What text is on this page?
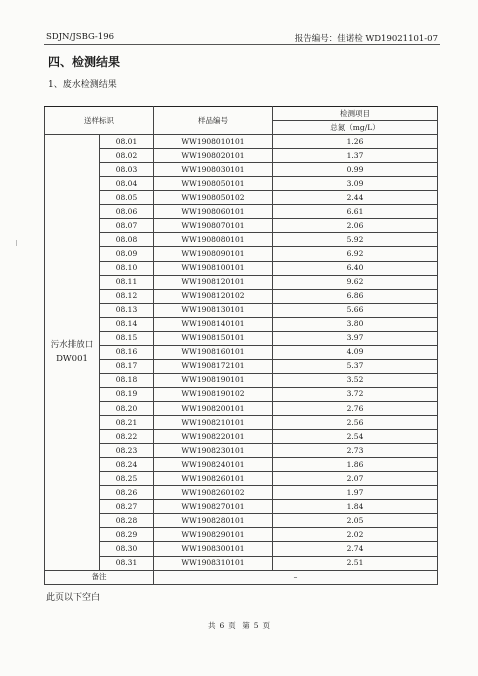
SDJN/JSBG-196	报告编号：佳诺检 WD19021101-07
四、检测结果
1、废水检测结果
送样标识		样品编号	检测项目
			总氮（mg/L）

污水排放口
DW001	08.01	WW1908010101	1.26
	08.02	WW1908020101	1.37
	08.03	WW1908030101	0.99
	08.04	WW1908050101	3.09
	08.05	WW1908050102	2.44
	08.06	WW1908060101	6.61
	08.07	WW1908070101	2.06
	08.08	WW1908080101	5.92
	08.09	WW1908090101	6.92
	08.10	WW1908100101	6.40
	08.11	WW1908120101	9.62
	08.12	WW1908120102	6.86
	08.13	WW1908130101	5.66
	08.14	WW1908140101	3.80
	08.15	WW1908150101	3.97
	08.16	WW1908160101	4.09
	08.17	WW1908172101	5.37
	08.18	WW1908190101	3.52
	08.19	WW1908190102	3.72
	08.20	WW1908200101	2.76
	08.21	WW1908210101	2.56
	08.22	WW1908220101	2.54
	08.23	WW1908230101	2.73
	08.24	WW1908240101	1.86
	08.25	WW1908260101	2.07
	08.26	WW1908260102	1.97
	08.27	WW1908270101	1.84
	08.28	WW1908280101	2.05
	08.29	WW1908290101	2.02
	08.30	WW1908300101	2.74
	08.31	WW1908310101	2.51
备注		–	
此页以下空白
共 6 页 第 5 页
